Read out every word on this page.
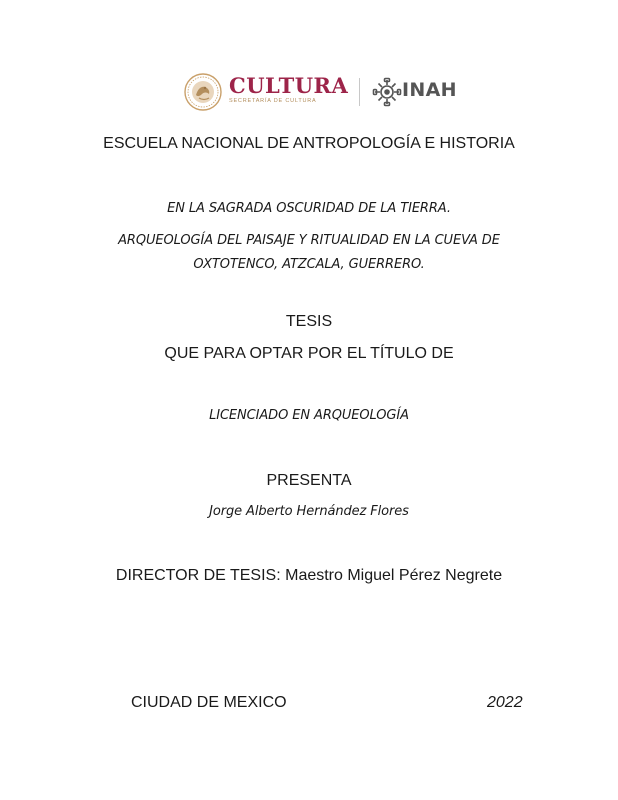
CULTURA
SECRETARÍA DE CULTURA	INAH
ESCUELA NACIONAL DE ANTROPOLOGÍA E HISTORIA
EN LA SAGRADA OSCURIDAD DE LA TIERRA.
ARQUEOLOGÍA DEL PAISAJE Y RITUALIDAD EN LA CUEVA DE
OXTOTENCO, ATZCALA, GUERRERO.
TESIS
QUE PARA OPTAR POR EL TÍTULO DE
LICENCIADO EN ARQUEOLOGÍA
PRESENTA
Jorge Alberto Hernández Flores
DIRECTOR DE TESIS: Maestro Miguel Pérez Negrete
CIUDAD DE MEXICO	2022
